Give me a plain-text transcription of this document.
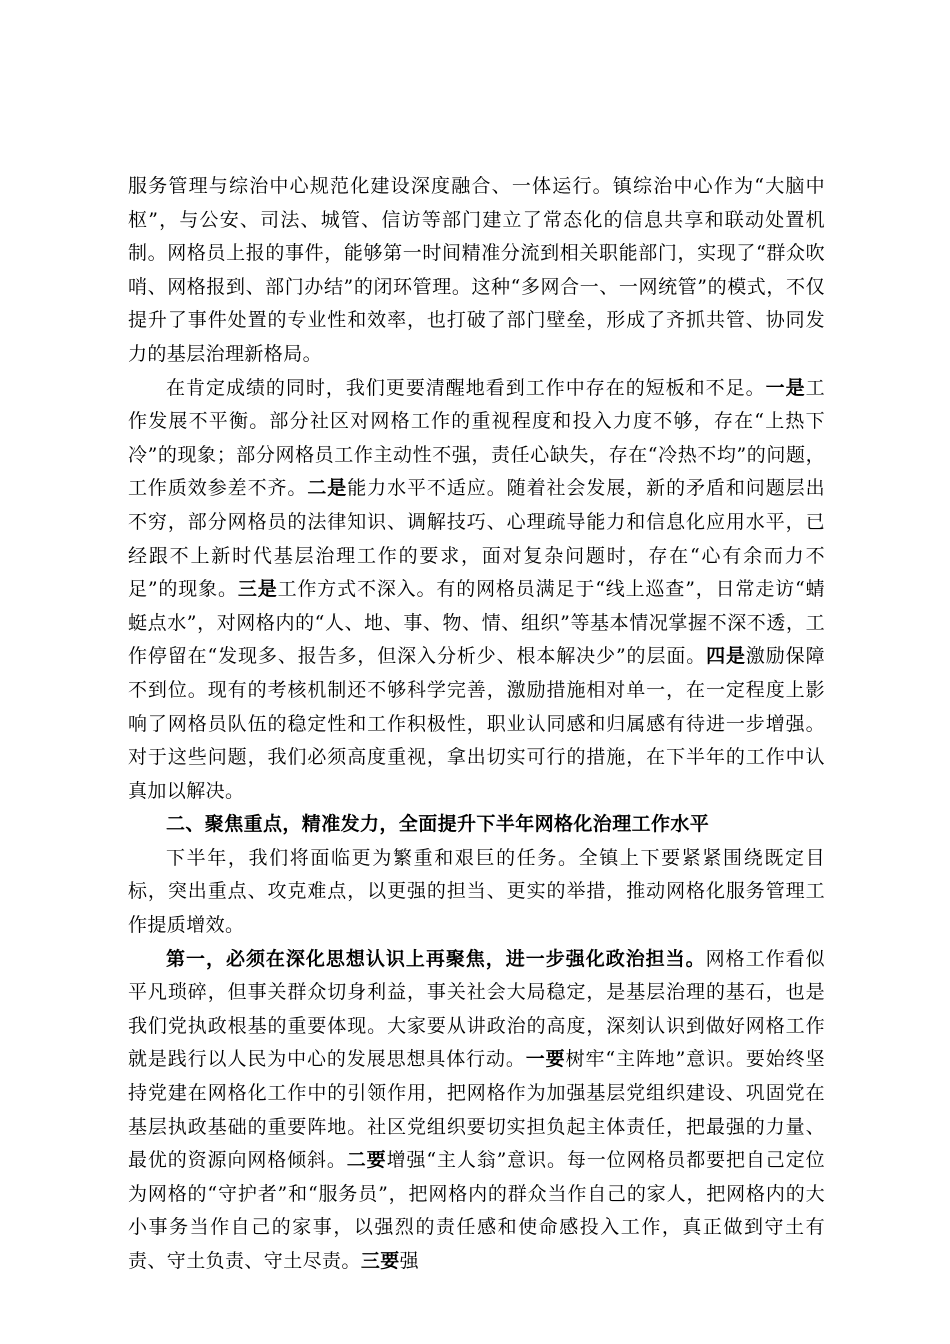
服务管理与综治中心规范化建设深度融合、一体运行。镇综治中心作为“大脑中枢”，与公安、司法、城管、信访等部门建立了常态化的信息共享和联动处置机制。网格员上报的事件，能够第一时间精准分流到相关职能部门，实现了“群众吹哨、网格报到、部门办结”的闭环管理。这种“多网合一、一网统管”的模式，不仅提升了事件处置的专业性和效率，也打破了部门壁垒，形成了齐抓共管、协同发力的基层治理新格局。

在肯定成绩的同时，我们更要清醒地看到工作中存在的短板和不足。一是工作发展不平衡。部分社区对网格工作的重视程度和投入力度不够，存在“上热下冷”的现象；部分网格员工作主动性不强，责任心缺失，存在“冷热不均”的问题，工作质效参差不齐。二是能力水平不适应。随着社会发展，新的矛盾和问题层出不穷，部分网格员的法律知识、调解技巧、心理疏导能力和信息化应用水平，已经跟不上新时代基层治理工作的要求，面对复杂问题时，存在“心有余而力不足”的现象。三是工作方式不深入。有的网格员满足于“线上巡查”，日常走访“蜻蜓点水”，对网格内的“人、地、事、物、情、组织”等基本情况掌握不深不透，工作停留在“发现多、报告多，但深入分析少、根本解决少”的层面。四是激励保障不到位。现有的考核机制还不够科学完善，激励措施相对单一，在一定程度上影响了网格员队伍的稳定性和工作积极性，职业认同感和归属感有待进一步增强。对于这些问题，我们必须高度重视，拿出切实可行的措施，在下半年的工作中认真加以解决。

二、聚焦重点，精准发力，全面提升下半年网格化治理工作水平

下半年，我们将面临更为繁重和艰巨的任务。全镇上下要紧紧围绕既定目标，突出重点、攻克难点，以更强的担当、更实的举措，推动网格化服务管理工作提质增效。

第一，必须在深化思想认识上再聚焦，进一步强化政治担当。网格工作看似平凡琐碎，但事关群众切身利益，事关社会大局稳定，是基层治理的基石，也是我们党执政根基的重要体现。大家要从讲政治的高度，深刻认识到做好网格工作就是践行以人民为中心的发展思想具体行动。一要树牢“主阵地”意识。要始终坚持党建在网格化工作中的引领作用，把网格作为加强基层党组织建设、巩固党在基层执政基础的重要阵地。社区党组织要切实担负起主体责任，把最强的力量、最优的资源向网格倾斜。二要增强“主人翁”意识。每一位网格员都要把自己定位为网格的“守护者”和“服务员”，把网格内的群众当作自己的家人，把网格内的大小事务当作自己的家事，以强烈的责任感和使命感投入工作，真正做到守土有责、守土负责、守土尽责。三要强
